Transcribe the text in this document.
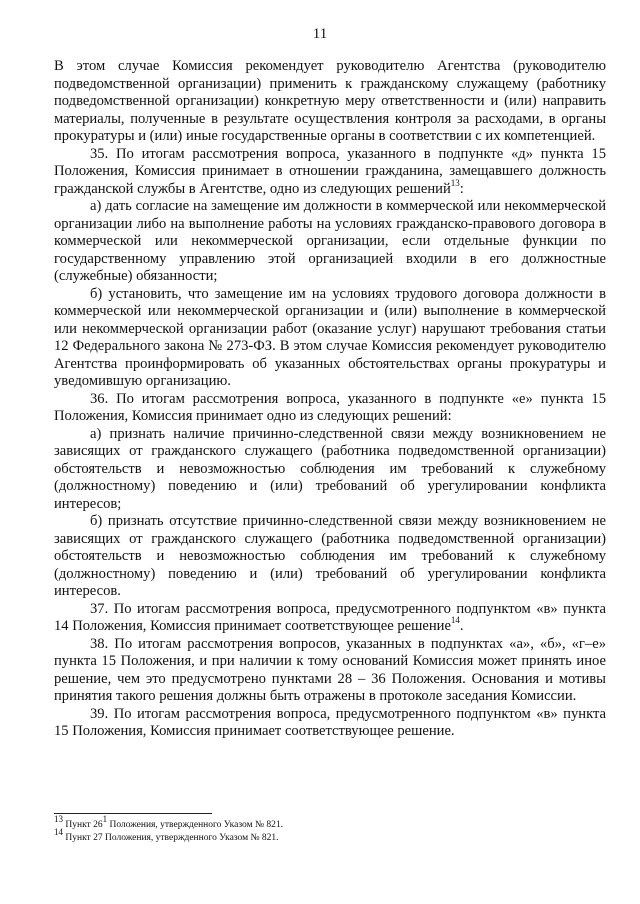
11

В этом случае Комиссия рекомендует руководителю Агентства (руководителю подведомственной организации) применить к гражданскому служащему (работнику подведомственной организации) конкретную меру ответственности и (или) направить материалы, полученные в результате осуществления контроля за расходами, в органы прокуратуры и (или) иные государственные органы в соответствии с их компетенцией.

35. По итогам рассмотрения вопроса, указанного в подпункте «д» пункта 15 Положения, Комиссия принимает в отношении гражданина, замещавшего должность гражданской службы в Агентстве, одно из следующих решений$^{13}$:

а) дать согласие на замещение им должности в коммерческой или некоммерческой организации либо на выполнение работы на условиях гражданско-правового договора в коммерческой или некоммерческой организации, если отдельные функции по государственному управлению этой организацией входили в его должностные (служебные) обязанности;

б) установить, что замещение им на условиях трудового договора должности в коммерческой или некоммерческой организации и (или) выполнение в коммерческой или некоммерческой организации работ (оказание услуг) нарушают требования статьи 12 Федерального закона № 273-ФЗ. В этом случае Комиссия рекомендует руководителю Агентства проинформировать об указанных обстоятельствах органы прокуратуры и уведомившую организацию.

36. По итогам рассмотрения вопроса, указанного в подпункте «е» пункта 15 Положения, Комиссия принимает одно из следующих решений:

а) признать наличие причинно-следственной связи между возникновением не зависящих от гражданского служащего (работника подведомственной организации) обстоятельств и невозможностью соблюдения им требований к служебному (должностному) поведению и (или) требований об урегулировании конфликта интересов;

б) признать отсутствие причинно-следственной связи между возникновением не зависящих от гражданского служащего (работника подведомственной организации) обстоятельств и невозможностью соблюдения им требований к служебному (должностному) поведению и (или) требований об урегулировании конфликта интересов.

37. По итогам рассмотрения вопроса, предусмотренного подпунктом «в» пункта 14 Положения, Комиссия принимает соответствующее решение$^{14}$.

38. По итогам рассмотрения вопросов, указанных в подпунктах «а», «б», «г–е» пункта 15 Положения, и при наличии к тому оснований Комиссия может принять иное решение, чем это предусмотрено пунктами 28 – 36 Положения. Основания и мотивы принятия такого решения должны быть отражены в протоколе заседания Комиссии.

39. По итогам рассмотрения вопроса, предусмотренного подпунктом «в» пункта 15 Положения, Комиссия принимает соответствующее решение.

$^{13}$ Пункт $26^1$ Положения, утвержденного Указом № 821.

$^{14}$ Пункт 27 Положения, утвержденного Указом № 821.
